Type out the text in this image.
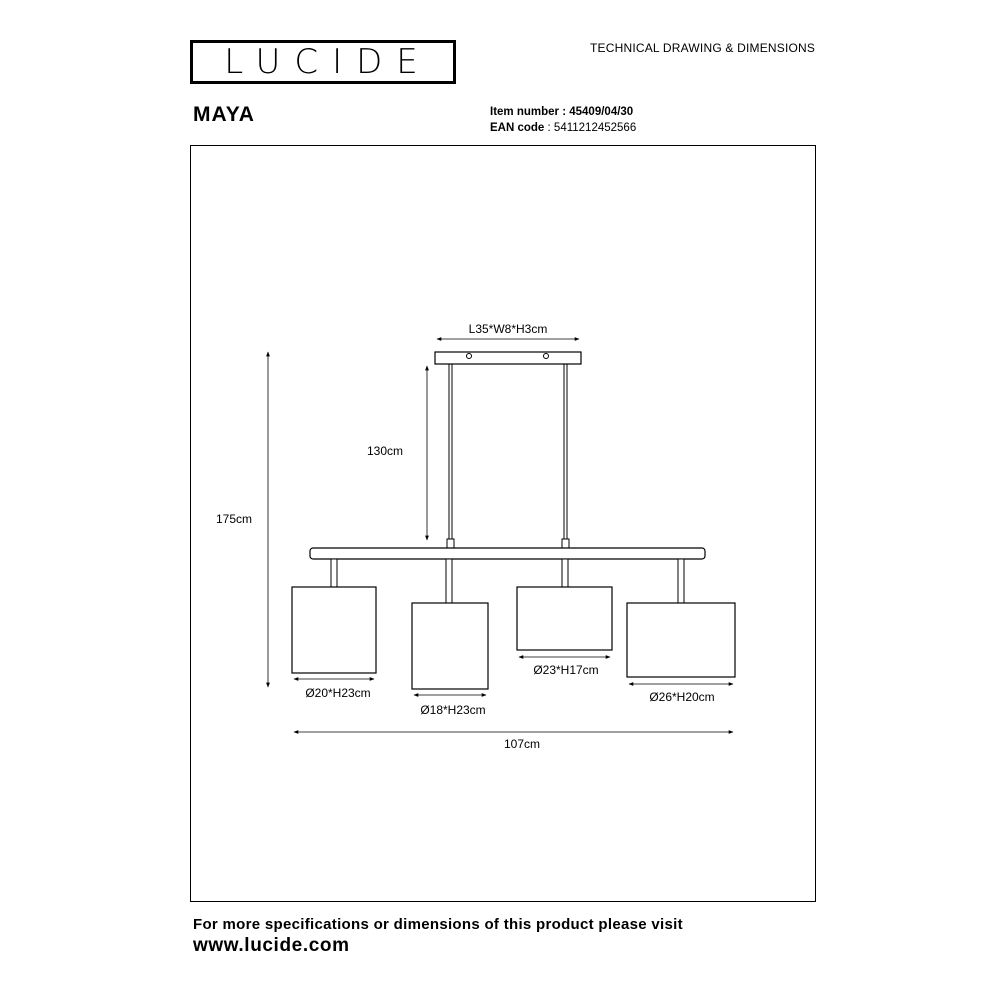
LUCIDE	TECHNICAL DRAWING & DIMENSIONS
MAYA	Item number : 45409/04/30
EAN code : 5411212452566
L35*W8*H3cm
130cm
Ø20*H23cm
Ø18*H23cm
Ø23*H17cm
Ø26*H20cm
175cm
107cm
For more specifications or dimensions of this product please visit
www.lucide.com
